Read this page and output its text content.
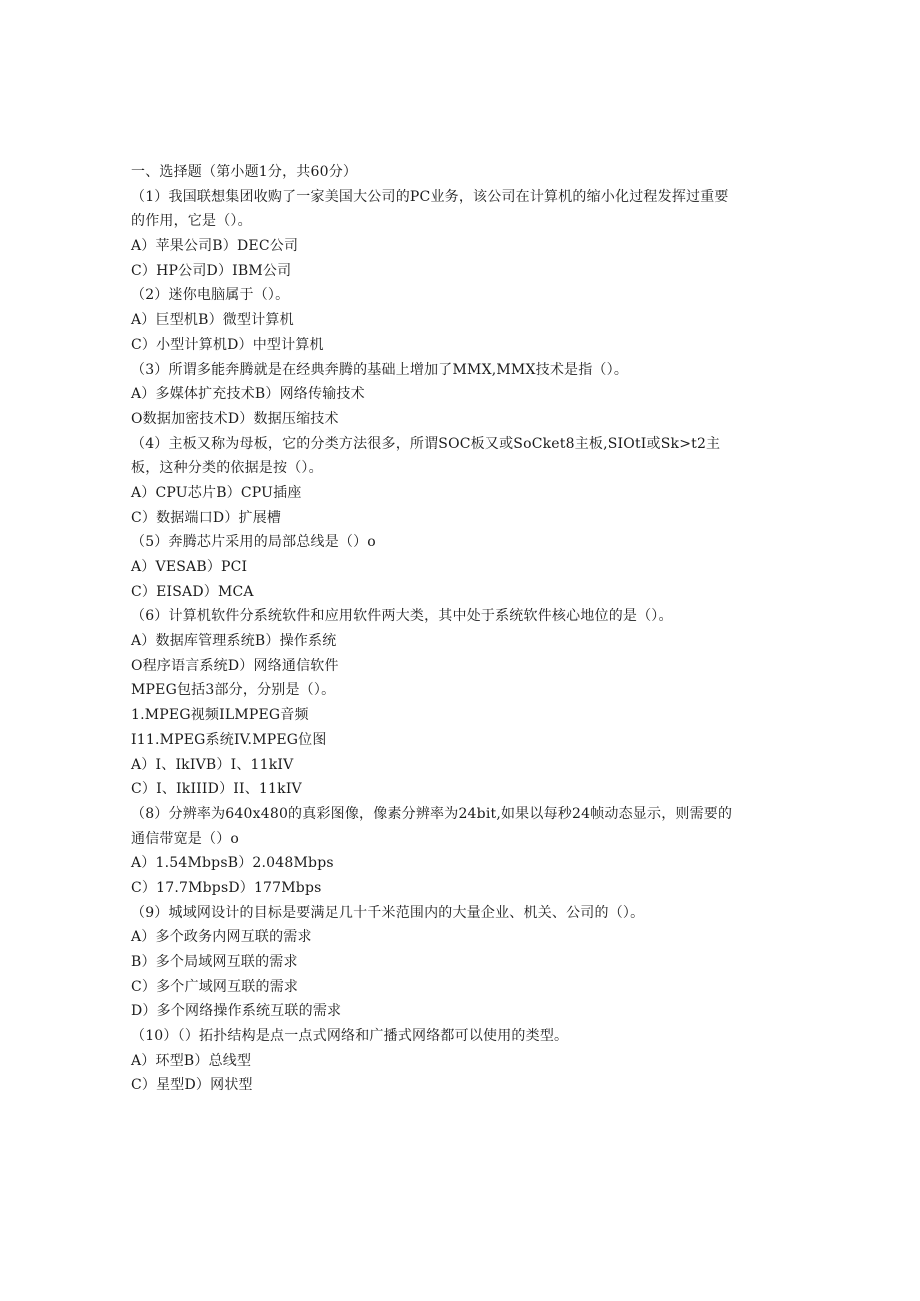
一、选择题（第小题1分，共60分）
（1）我国联想集团收购了一家美国大公司的PC业务，该公司在计算机的缩小化过程发挥过重要
的作用，它是（）。
A）苹果公司B）DEC公司
C）HP公司D）IBM公司
（2）迷你电脑属于（）。
A）巨型机B）微型计算机
C）小型计算机D）中型计算机
（3）所谓多能奔腾就是在经典奔腾的基础上增加了MMX,MMX技术是指（）。
A）多媒体扩充技术B）网络传输技术
O数据加密技术D）数据压缩技术
（4）主板又称为母板，它的分类方法很多，所谓SOC板又或SoCket8主板,SIOtI或Sk>t2主
板，这种分类的依据是按（）。
A）CPU芯片B）CPU插座
C）数据端口D）扩展槽
（5）奔腾芯片采用的局部总线是（）o
A）VESAB）PCI
C）EISAD）MCA
（6）计算机软件分系统软件和应用软件两大类，其中处于系统软件核心地位的是（）。
A）数据库管理系统B）操作系统
O程序语言系统D）网络通信软件
MPEG包括3部分，分别是（）。
1.MPEG视频ILMPEG音频
I11.MPEG系统IV.MPEG位图
A）I、IkIVB）I、11kIV
C）I、IkIIID）II、11kIV
（8）分辨率为640x480的真彩图像，像素分辨率为24bit,如果以每秒24帧动态显示，则需要的
通信带宽是（）o
A）1.54MbpsB）2.048Mbps
C）17.7MbpsD）177Mbps
（9）城域网设计的目标是要满足几十千米范围内的大量企业、机关、公司的（）。
A）多个政务内网互联的需求
B）多个局域网互联的需求
C）多个广域网互联的需求
D）多个网络操作系统互联的需求
（10）（）拓扑结构是点一点式网络和广播式网络都可以使用的类型。
A）环型B）总线型
C）星型D）网状型
